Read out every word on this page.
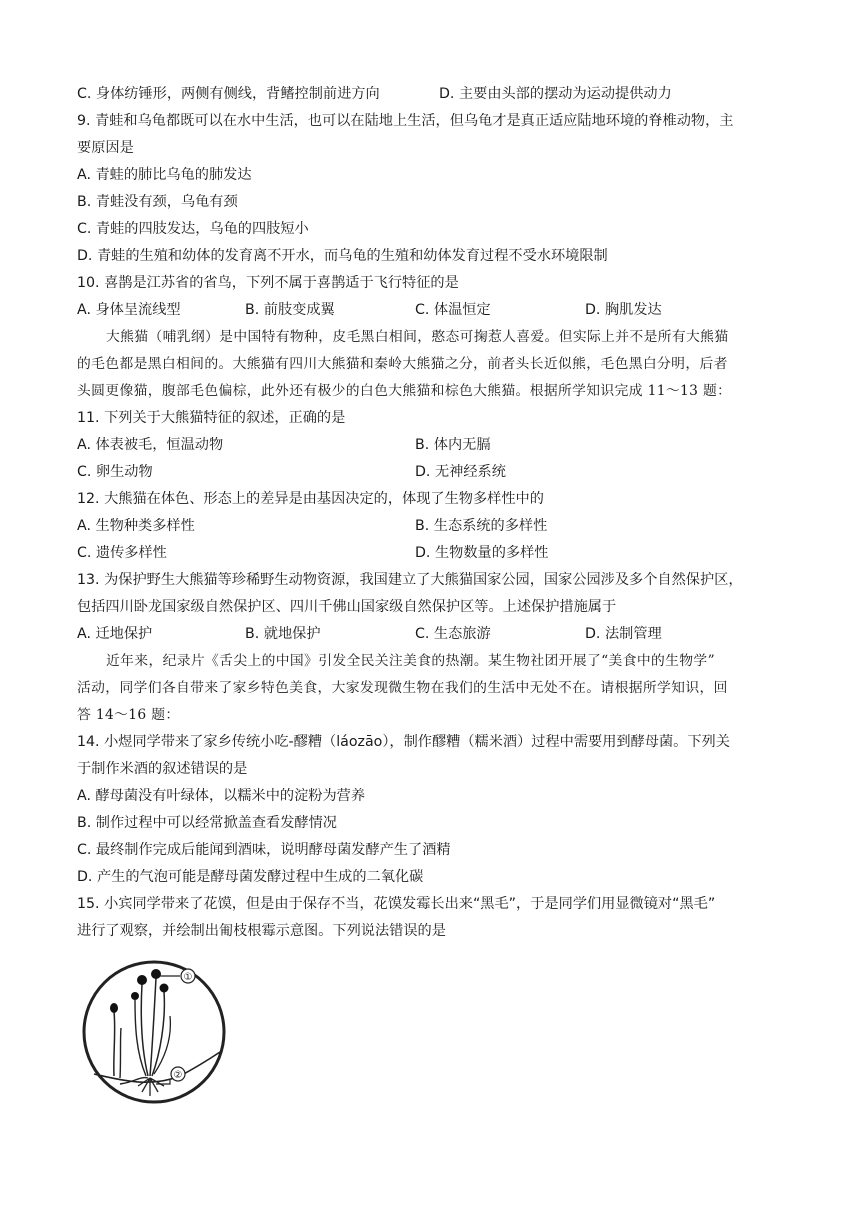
C. 身体纺锤形，两侧有侧线，背鳍控制前进方向	D. 主要由头部的摆动为运动提供动力
9. 青蛙和乌龟都既可以在水中生活，也可以在陆地上生活，但乌龟才是真正适应陆地环境的脊椎动物，主
要原因是
A. 青蛙的肺比乌龟的肺发达
B. 青蛙没有颈，乌龟有颈
C. 青蛙的四肢发达，乌龟的四肢短小
D. 青蛙的生殖和幼体的发育离不开水，而乌龟的生殖和幼体发育过程不受水环境限制
10. 喜鹊是江苏省的省鸟，下列不属于喜鹊适于飞行特征的是
A. 身体呈流线型	B. 前肢变成翼	C. 体温恒定	D. 胸肌发达
大熊猫（哺乳纲）是中国特有物种，皮毛黑白相间，憨态可掬惹人喜爱。但实际上并不是所有大熊猫
的毛色都是黑白相间的。大熊猫有四川大熊猫和秦岭大熊猫之分，前者头长近似熊，毛色黑白分明，后者
头圆更像猫，腹部毛色偏棕，此外还有极少的白色大熊猫和棕色大熊猫。根据所学知识完成 11～13 题：
11. 下列关于大熊猫特征的叙述，正确的是
A. 体表被毛，恒温动物	B. 体内无膈
C. 卵生动物	D. 无神经系统
12. 大熊猫在体色、形态上的差异是由基因决定的，体现了生物多样性中的
A. 生物种类多样性	B. 生态系统的多样性
C. 遗传多样性	D. 生物数量的多样性
13. 为保护野生大熊猫等珍稀野生动物资源，我国建立了大熊猫国家公园，国家公园涉及多个自然保护区，
包括四川卧龙国家级自然保护区、四川千佛山国家级自然保护区等。上述保护措施属于
A. 迁地保护	B. 就地保护	C. 生态旅游	D. 法制管理
近年来，纪录片《舌尖上的中国》引发全民关注美食的热潮。某生物社团开展了“美食中的生物学”
活动，同学们各自带来了家乡特色美食，大家发现微生物在我们的生活中无处不在。请根据所学知识，回
答 14～16 题：
14. 小煜同学带来了家乡传统小吃-醪糟（láozāo），制作醪糟（糯米酒）过程中需要用到酵母菌。下列关
于制作米酒的叙述错误的是
A. 酵母菌没有叶绿体，以糯米中的淀粉为营养
B. 制作过程中可以经常掀盖查看发酵情况
C. 最终制作完成后能闻到酒味，说明酵母菌发酵产生了酒精
D. 产生的气泡可能是酵母菌发酵过程中生成的二氧化碳
15. 小宾同学带来了花馍，但是由于保存不当，花馍发霉长出来“黑毛”，于是同学们用显微镜对“黑毛”
进行了观察，并绘制出匍枝根霉示意图。下列说法错误的是
①
②
